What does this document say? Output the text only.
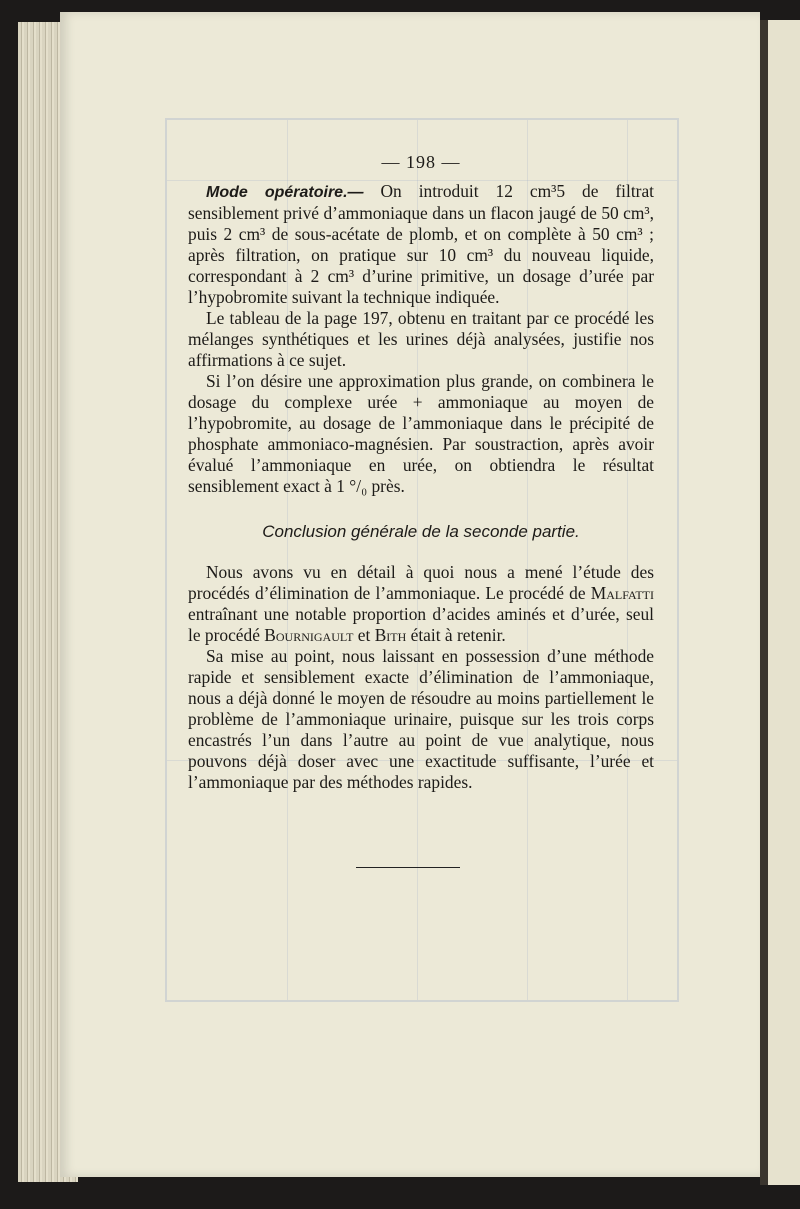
— 198 —

Mode opératoire.— On introduit 12 cm³5 de filtrat sensiblement privé d’ammoniaque dans un flacon jaugé de 50 cm³, puis 2 cm³ de sous-acétate de plomb, et on complète à 50 cm³ ; après filtration, on pratique sur 10 cm³ du nouveau liquide, correspondant à 2 cm³ d’urine primitive, un dosage d’urée par l’hypobromite suivant la technique indiquée.

Le tableau de la page 197, obtenu en traitant par ce procédé les mélanges synthétiques et les urines déjà analysées, justifie nos affirmations à ce sujet.

Si l’on désire une approximation plus grande, on combinera le dosage du complexe urée + ammoniaque au moyen de l’hypobromite, au dosage de l’ammoniaque dans le précipité de phosphate ammoniaco-magnésien. Par soustraction, après avoir évalué l’ammoniaque en urée, on obtiendra le résultat sensiblement exact à 1 °/₀ près.

Conclusion générale de la seconde partie.

Nous avons vu en détail à quoi nous a mené l’étude des procédés d’élimination de l’ammoniaque. Le procédé de Malfatti entraînant une notable proportion d’acides aminés et d’urée, seul le procédé Bournigault et Bith était à retenir.

Sa mise au point, nous laissant en possession d’une méthode rapide et sensiblement exacte d’élimination de l’ammoniaque, nous a déjà donné le moyen de résoudre au moins partiellement le problème de l’ammoniaque urinaire, puisque sur les trois corps encastrés l’un dans l’autre au point de vue analytique, nous pouvons déjà doser avec une exactitude suffisante, l’urée et l’ammoniaque par des méthodes rapides.
